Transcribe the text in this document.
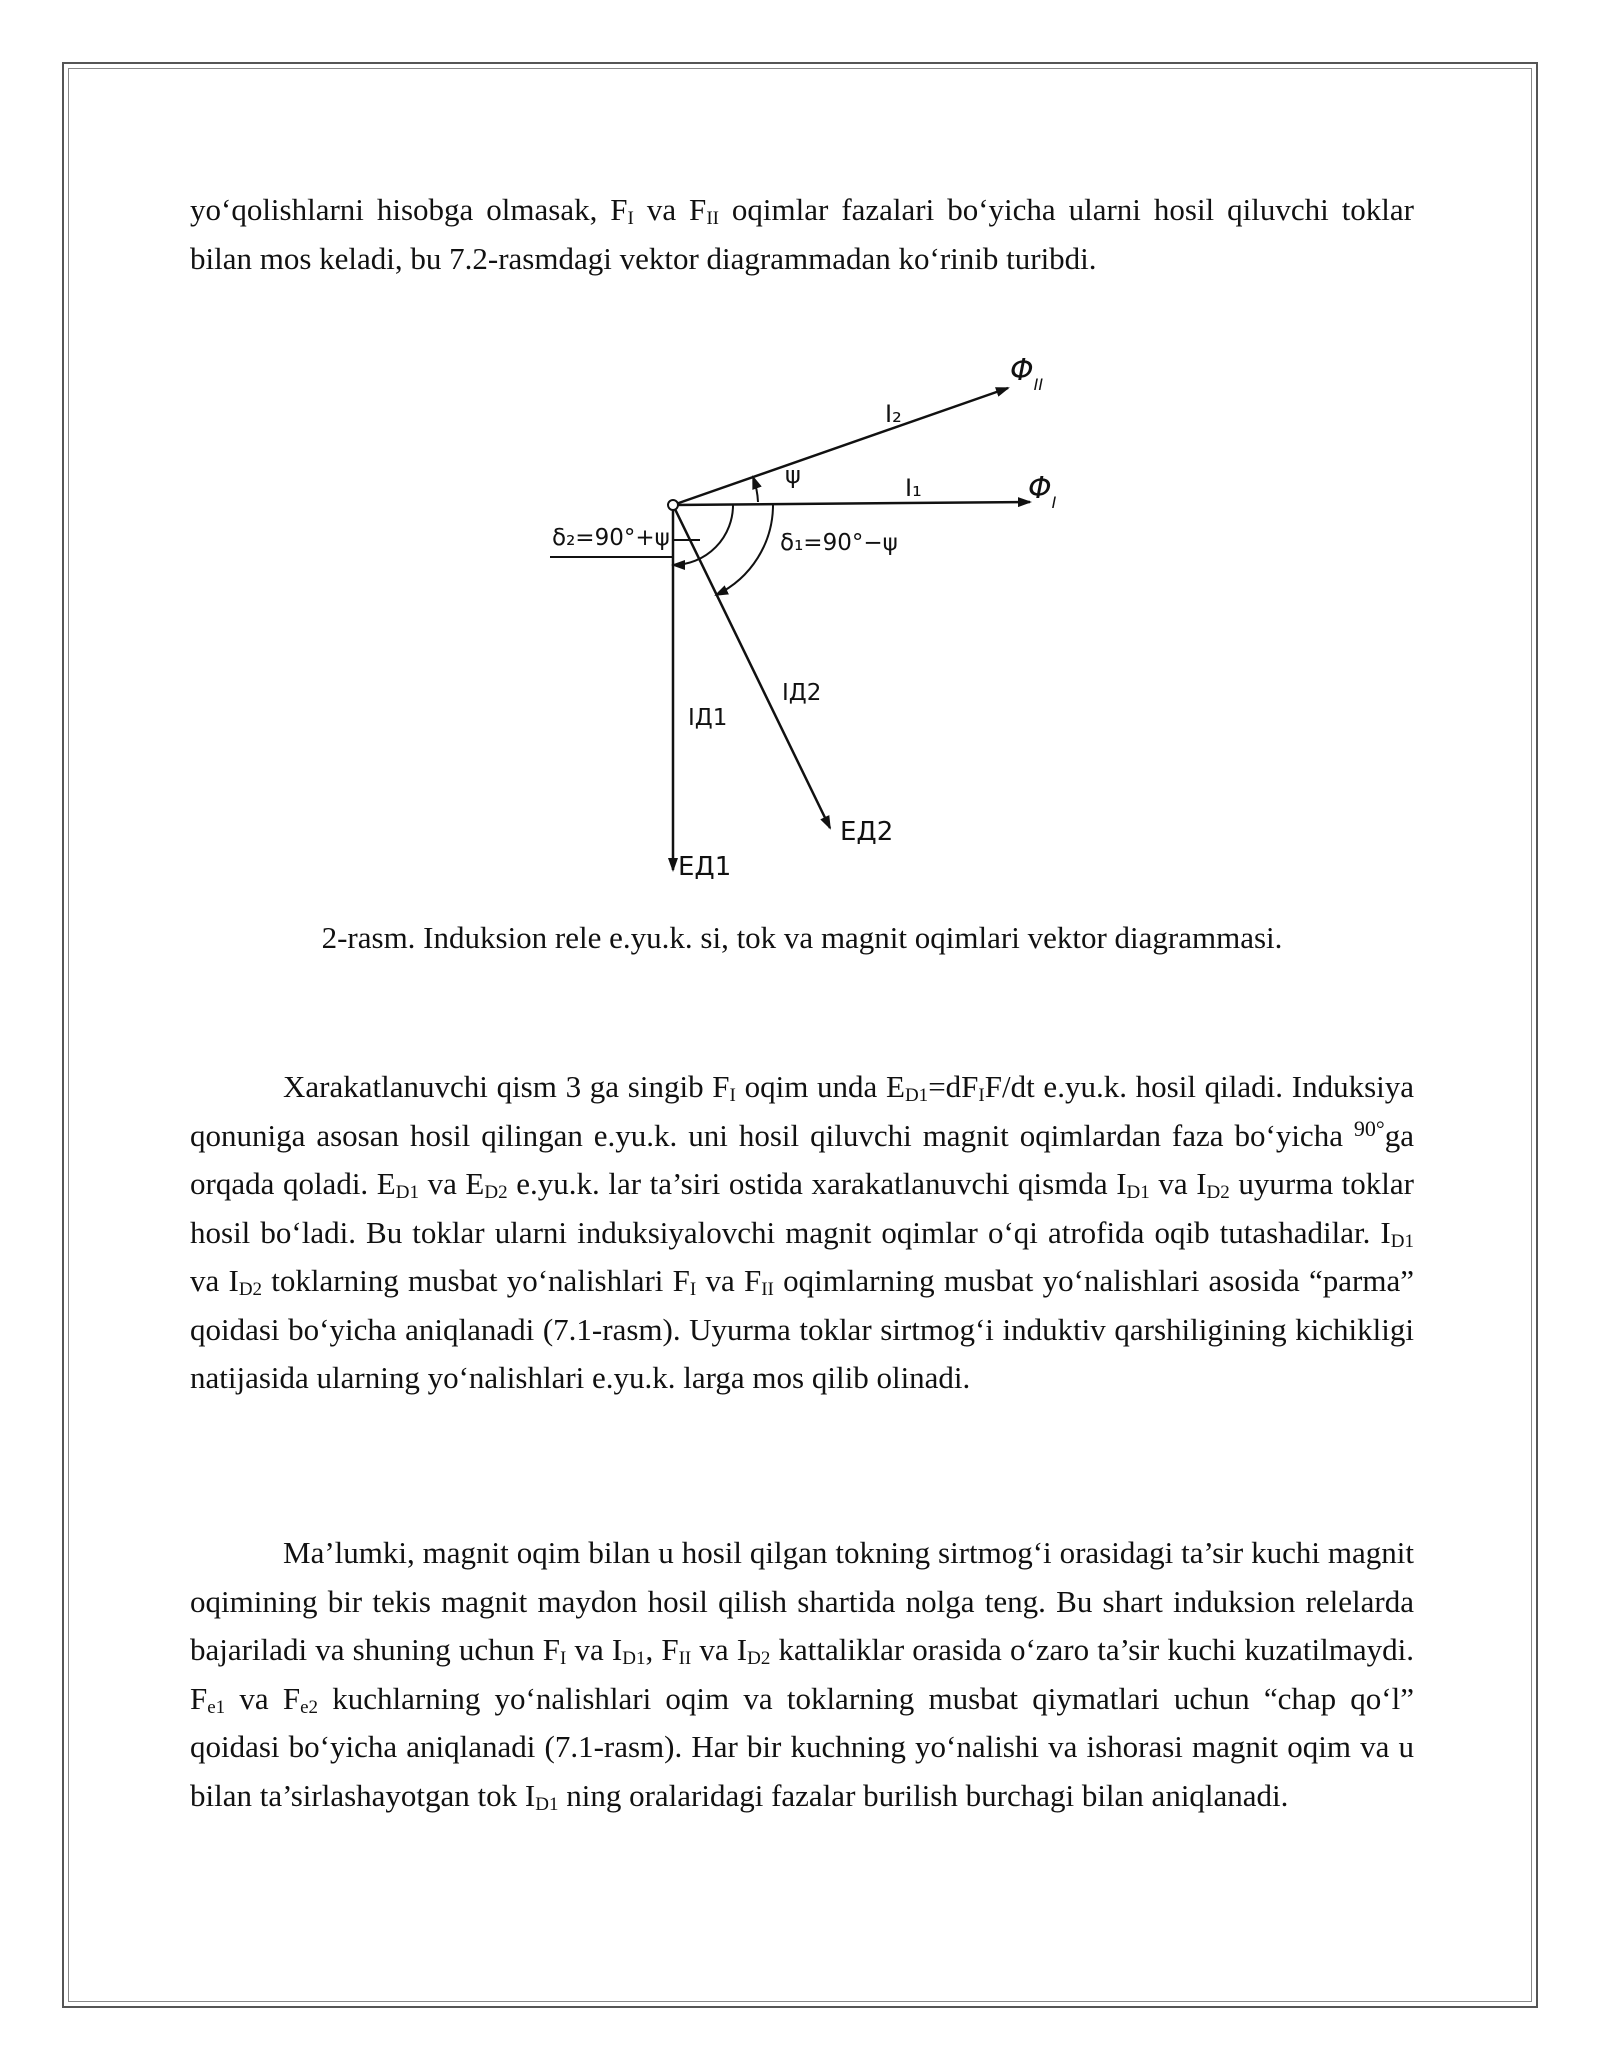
yo‘qolishlarni hisobga olmasak, $F_I$ va $F_{II}$ oqimlar fazalari bo‘yicha ularni hosil qiluvchi toklar bilan mos keladi, bu 7.2-rasmdagi vektor diagrammadan ko‘rinib turibdi.

$\Phi_{II}$
$\Phi_I$
I₂
I₁
ψ
δ₂=90°+ψ	δ₁=90°−ψ
IД1
IД2
EД1
EД2
2-rasm. Induksion rele e.yu.k. si, tok va magnit oqimlari vektor diagrammasi.

Xarakatlanuvchi qism 3 ga singib $F_I$ oqim unda $E_{D1}=dF_IF/dt$ e.yu.k. hosil qiladi. Induksiya qonuniga asosan hosil qilingan e.yu.k. uni hosil qiluvchi magnit oqimlardan faza bo‘yicha $^{90^\circ}$ga orqada qoladi. $E_{D1}$ va $E_{D2}$ e.yu.k. lar ta’siri ostida xarakatlanuvchi qismda $I_{D1}$ va $I_{D2}$ uyurma toklar hosil bo‘ladi. Bu toklar ularni induksiyalovchi magnit oqimlar o‘qi atrofida oqib tutashadilar. $I_{D1}$ va $I_{D2}$ toklarning musbat yo‘nalishlari $F_I$ va $F_{II}$ oqimlarning musbat yo‘nalishlari asosida “parma” qoidasi bo‘yicha aniqlanadi (7.1-rasm). Uyurma toklar sirtmog‘i induktiv qarshiligining kichikligi natijasida ularning yo‘nalishlari e.yu.k. larga mos qilib olinadi.

Ma’lumki, magnit oqim bilan u hosil qilgan tokning sirtmog‘i orasidagi ta’sir kuchi magnit oqimining bir tekis magnit maydon hosil qilish shartida nolga teng. Bu shart induksion relelarda bajariladi va shuning uchun $F_I$ va $I_{D1}$, $F_{II}$ va $I_{D2}$ kattaliklar orasida o‘zaro ta’sir kuchi kuzatilmaydi. $F_{e1}$ va $F_{e2}$ kuchlarning yo‘nalishlari oqim va toklarning musbat qiymatlari uchun “chap qo‘l” qoidasi bo‘yicha aniqlanadi (7.1-rasm). Har bir kuchning yo‘nalishi va ishorasi magnit oqim va u bilan ta’sirlashayotgan tok $I_{D1}$ ning oralaridagi fazalar burilish burchagi bilan aniqlanadi.
